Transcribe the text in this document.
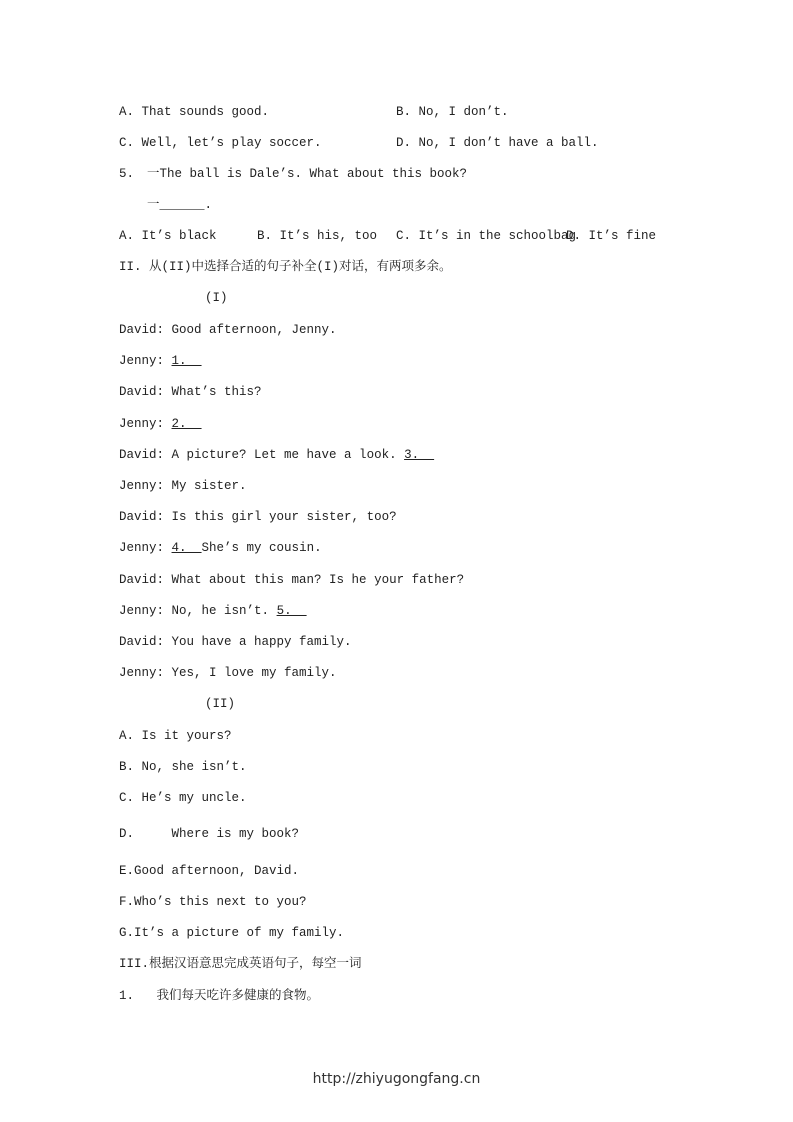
A. That sounds good.	B. No, I don’t.
C. Well, let’s play soccer.	D. No, I don’t have a ball.
5. 一The ball is Dale’s. What about this book?
一______.
A. It’s black	B. It’s his, too C. It’s in the schoolbag
D. It’s fine
II. 从(II)中选择合适的句子补全(I)对话，有两项多余。
(I)
David: Good afternoon, Jenny.
Jenny: 1.
David: What’s this?
Jenny: 2.
David: A picture? Let me have a look. 3.
Jenny: My sister.
David: Is this girl your sister, too?
Jenny: 4.  She’s my cousin.
David: What about this man? Is he your father?
Jenny: No, he isn’t. 5.
David: You have a happy family.
Jenny: Yes, I love my family.
(II)
A. Is it yours?
B. No, she isn’t.
C. He’s my uncle.
D.     Where is my book?
E.Good afternoon, David.
F.Who’s this next to you?
G.It’s a picture of my family.
III.根据汉语意思完成英语句子，每空一词
1.   我们每天吃许多健康的食物。
http://zhiyugongfang.cn
